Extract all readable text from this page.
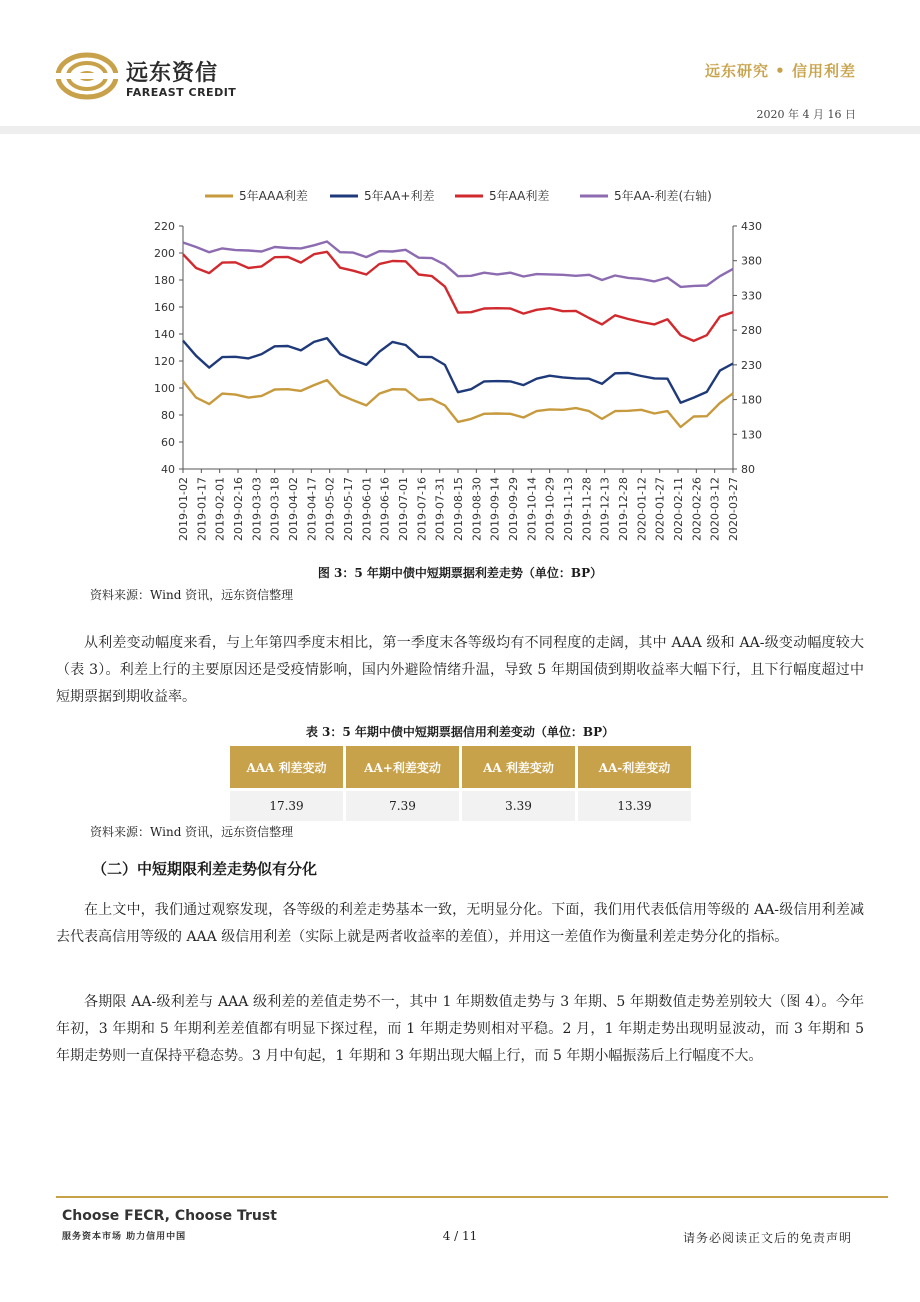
远东资信
FAREAST CREDIT
远东研究 • 信用利差
2020 年 4 月 16 日
5年AAA利差	5年AA+利差	5年AA利差	5年AA-利差(右轴)
40
60
80
100
120
140
160
180
200
220
80
130
180
230
280
330
380
430
2019-01-02 2019-01-17 2019-02-01 2019-02-16 2019-03-03 2019-03-18 2019-04-02 2019-04-17 2019-05-02 2019-05-17 2019-06-01 2019-06-16 2019-07-01 2019-07-16 2019-07-31 2019-08-15 2019-08-30 2019-09-14 2019-09-29 2019-10-14 2019-10-29 2019-11-13 2019-11-28 2019-12-13 2019-12-28 2020-01-12 2020-01-27 2020-02-11 2020-02-26 2020-03-12 2020-03-27
图 3：5 年期中债中短期票据利差走势（单位：BP）
资料来源：Wind 资讯，远东资信整理

从利差变动幅度来看，与上年第四季度末相比，第一季度末各等级均有不同程度的走阔，其中 AAA 级和 AA-级变动幅度较大（表 3）。利差上行的主要原因还是受疫情影响，国内外避险情绪升温，导致 5 年期国债到期收益率大幅下行，且下行幅度超过中短期票据到期收益率。

表 3：5 年期中债中短期票据信用利差变动（单位：BP）
AAA 利差变动	AA+利差变动	AA 利差变动	AA-利差变动
17.39	7.39	3.39	13.39
资料来源：Wind 资讯，远东资信整理
（二）中短期限利差走势似有分化

在上文中，我们通过观察发现，各等级的利差走势基本一致，无明显分化。下面，我们用代表低信用等级的 AA-级信用利差减去代表高信用等级的 AAA 级信用利差（实际上就是两者收益率的差值），并用这一差值作为衡量利差走势分化的指标。

各期限 AA-级利差与 AAA 级利差的差值走势不一，其中 1 年期数值走势与 3 年期、5 年期数值走势差别较大（图 4）。今年年初，3 年期和 5 年期利差差值都有明显下探过程，而 1 年期走势则相对平稳。2 月，1 年期走势出现明显波动，而 3 年期和 5 年期走势则一直保持平稳态势。3 月中旬起，1 年期和 3 年期出现大幅上行，而 5 年期小幅振荡后上行幅度不大。

Choose FECR, Choose Trust
服务资本市场 助力信用中国	4 / 11	请务必阅读正文后的免责声明
